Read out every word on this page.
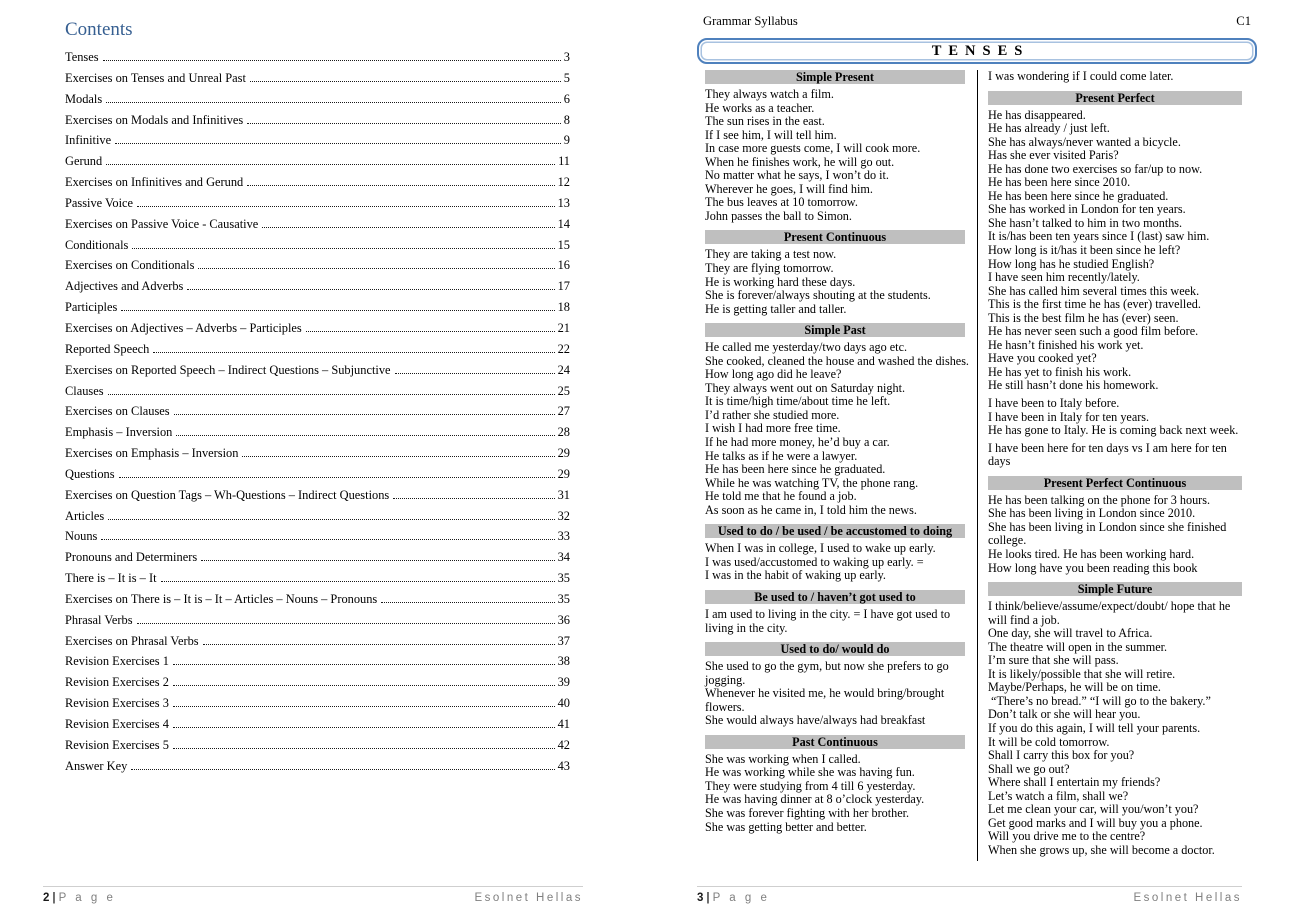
Contents
Tenses	3
Exercises on Tenses and Unreal Past	5
Modals	6
Exercises on Modals and Infinitives	8
Infinitive	9
Gerund	11
Exercises on Infinitives and Gerund	12
Passive Voice	13
Exercises on Passive Voice - Causative	14
Conditionals	15
Exercises on Conditionals	16
Adjectives and Adverbs	17
Participles	18
Exercises on Adjectives – Adverbs – Participles	21
Reported Speech	22
Exercises on Reported Speech – Indirect Questions – Subjunctive	24
Clauses	25
Exercises on Clauses	27
Emphasis – Inversion	28
Exercises on Emphasis – Inversion	29
Questions	29
Exercises on Question Tags – Wh-Questions – Indirect Questions	31
Articles	32
Nouns	33
Pronouns and Determiners	34
There is – It is – It	35
Exercises on There is – It is – It – Articles – Nouns – Pronouns	35
Phrasal Verbs	36
Exercises on Phrasal Verbs	37
Revision Exercises 1	38
Revision Exercises 2	39
Revision Exercises 3	40
Revision Exercises 4	41
Revision Exercises 5	42
Answer Key	43
2| P a g e	Esolnet Hellas
Grammar Syllabus	C1
TENSES
Simple Present
They always watch a film.
He works as a teacher.
The sun rises in the east.
If I see him, I will tell him.
In case more guests come, I will cook more.
When he finishes work, he will go out.
No matter what he says, I won’t do it.
Wherever he goes, I will find him.
The bus leaves at 10 tomorrow.
John passes the ball to Simon.
Present Continuous
They are taking a test now.
They are flying tomorrow.
He is working hard these days.
She is forever/always shouting at the students.
He is getting taller and taller.
Simple Past
He called me yesterday/two days ago etc.
She cooked, cleaned the house and washed the dishes.
How long ago did he leave?
They always went out on Saturday night.
It is time/high time/about time he left.
I’d rather she studied more.
I wish I had more free time.
If he had more money, he’d buy a car.
He talks as if he were a lawyer.
He has been here since he graduated.
While he was watching TV, the phone rang.
He told me that he found a job.
As soon as he came in, I told him the news.
Used to do / be used / be accustomed to doing
When I was in college, I used to wake up early.
I was used/accustomed to waking up early. =
I was in the habit of waking up early.
Be used to / haven’t got used to
I am used to living in the city. = I have got used to living in the city.
Used to do/ would do
She used to go the gym, but now she prefers to go jogging.
Whenever he visited me, he would bring/brought flowers.
She would always have/always had breakfast
Past Continuous
She was working when I called.
He was working while she was having fun.
They were studying from 4 till 6 yesterday.
He was having dinner at 8 o’clock yesterday.
She was forever fighting with her brother.
She was getting better and better.
I was wondering if I could come later.
Present Perfect
He has disappeared.
He has already / just left.
She has always/never wanted a bicycle.
Has she ever visited Paris?
He has done two exercises so far/up to now.
He has been here since 2010.
He has been here since he graduated.
She has worked in London for ten years.
She hasn’t talked to him in two months.
It is/has been ten years since I (last) saw him.
How long is it/has it been since he left?
How long has he studied English?
I have seen him recently/lately.
She has called him several times this week.
This is the first time he has (ever) travelled.
This is the best film he has (ever) seen.
He has never seen such a good film before.
He hasn’t finished his work yet.
Have you cooked yet?
He has yet to finish his work.
He still hasn’t done his homework.
I have been to Italy before.
I have been in Italy for ten years.
He has gone to Italy. He is coming back next week.
I have been here for ten days vs I am here for ten days
Present Perfect Continuous
He has been talking on the phone for 3 hours.
She has been living in London since 2010.
She has been living in London since she finished college.
He looks tired. He has been working hard.
How long have you been reading this book
Simple Future
I think/believe/assume/expect/doubt/ hope that he will find a job.
One day, she will travel to Africa.
The theatre will open in the summer.
I’m sure that she will pass.
It is likely/possible that she will retire.
Maybe/Perhaps, he will be on time.
“There’s no bread.” “I will go to the bakery.”
Don’t talk or she will hear you.
If you do this again, I will tell your parents.
It will be cold tomorrow.
Shall I carry this box for you?
Shall we go out?
Where shall I entertain my friends?
Let’s watch a film, shall we?
Let me clean your car, will you/won’t you?
Get good marks and I will buy you a phone.
Will you drive me to the centre?
When she grows up, she will become a doctor.
3| P a g e	Esolnet Hellas
